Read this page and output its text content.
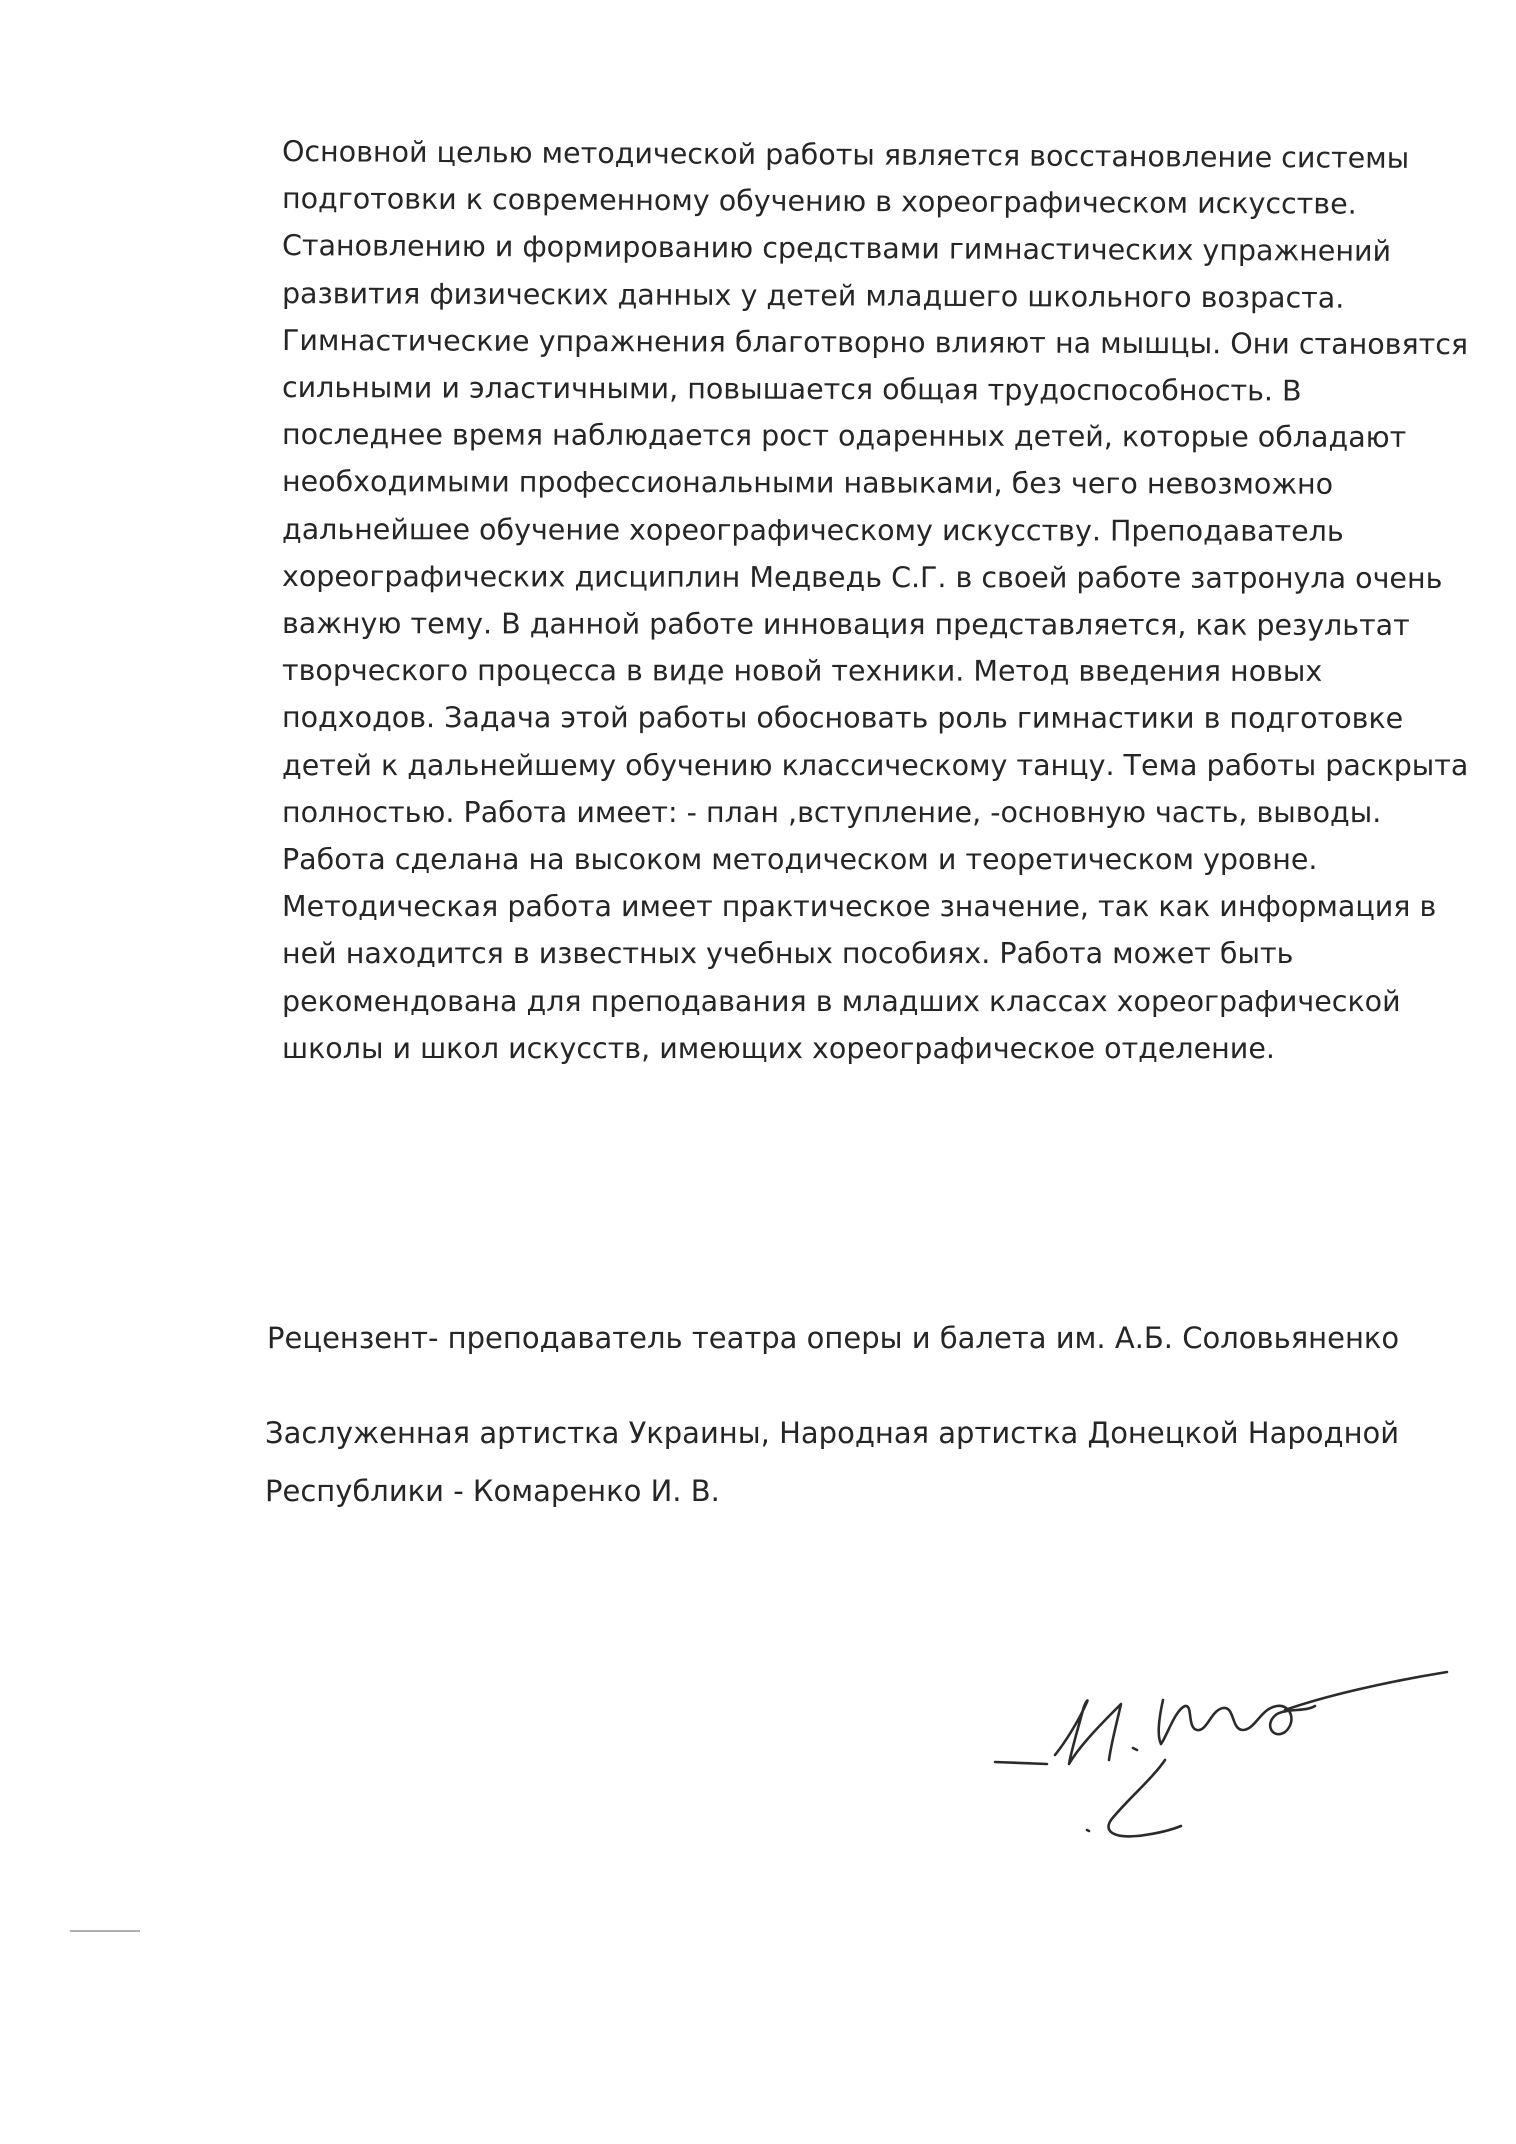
Основной целью методической работы является восстановление системы
подготовки к современному обучению в хореографическом искусстве.
Становлению и формированию средствами гимнастических упражнений
развития физических данных у детей младшего школьного возраста.
Гимнастические упражнения благотворно влияют на мышцы. Они становятся
сильными и эластичными, повышается общая трудоспособность. В
последнее время наблюдается рост одаренных детей, которые обладают
необходимыми профессиональными навыками, без чего невозможно
дальнейшее обучение хореографическому искусству. Преподаватель
хореографических дисциплин Медведь С.Г. в своей работе затронула очень
важную тему. В данной работе инновация представляется, как результат
творческого процесса в виде новой техники. Метод введения новых
подходов. Задача этой работы обосновать роль гимнастики в подготовке
детей к дальнейшему обучению классическому танцу. Тема работы раскрыта
полностью. Работа имеет: - план ,вступление, -основную часть, выводы.
Работа сделана на высоком методическом и теоретическом уровне.
Методическая работа имеет практическое значение, так как информация в
ней находится в известных учебных пособиях. Работа может быть
рекомендована для преподавания в младших классах хореографической
школы и школ искусств, имеющих хореографическое отделение.
Рецензент- преподаватель театра оперы и балета им. А.Б. Соловьяненко
Заслуженная артистка Украины, Народная артистка Донецкой Народной
Республики - Комаренко И. В.
